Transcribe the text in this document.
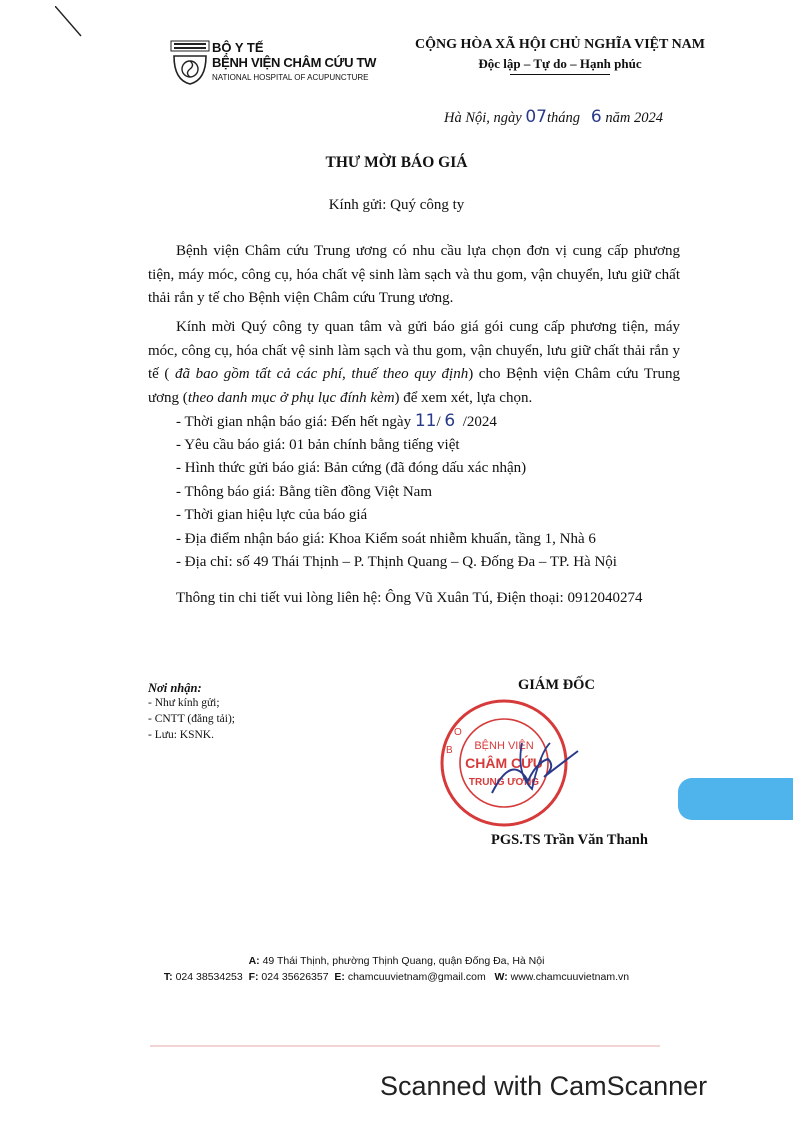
BỘ Y TẾ
BỆNH VIỆN CHÂM CỨU TW
NATIONAL HOSPITAL OF ACUPUNCTURE
CỘNG HÒA XÃ HỘI CHỦ NGHĨA VIỆT NAM
Độc lập – Tự do – Hạnh phúc
Hà Nội, ngày 07tháng 6 năm 2024
THƯ MỜI BÁO GIÁ
Kính gửi: Quý công ty
Bệnh viện Châm cứu Trung ương có nhu cầu lựa chọn đơn vị cung cấp phương tiện, máy móc, công cụ, hóa chất vệ sinh làm sạch và thu gom, vận chuyển, lưu giữ chất thải rắn y tế cho Bệnh viện Châm cứu Trung ương.
Kính mời Quý công ty quan tâm và gửi báo giá gói cung cấp phương tiện, máy móc, công cụ, hóa chất vệ sinh làm sạch và thu gom, vận chuyển, lưu giữ chất thải rắn y tế ( đã bao gồm tất cả các phí, thuế theo quy định) cho Bệnh viện Châm cứu Trung ương (theo danh mục ở phụ lục đính kèm) để xem xét, lựa chọn.
- Thời gian nhận báo giá: Đến hết ngày 11/ 6 /2024
- Yêu cầu báo giá: 01 bản chính bằng tiếng việt
- Hình thức gửi báo giá: Bản cứng (đã đóng dấu xác nhận)
- Thông báo giá: Bằng tiền đồng Việt Nam
- Thời gian hiệu lực của báo giá
- Địa điểm nhận báo giá: Khoa Kiểm soát nhiễm khuẩn, tầng 1, Nhà 6
- Địa chỉ: số 49 Thái Thịnh – P. Thịnh Quang – Q. Đống Đa – TP. Hà Nội
Thông tin chi tiết vui lòng liên hệ: Ông Vũ Xuân Tú, Điện thoại: 0912040274
Nơi nhận:
- Như kính gửi;
- CNTT (đăng tải);
- Lưu: KSNK.
GIÁM ĐỐC
BỆNH VIỆN
CHÂM CỨU
TRUNG ƯƠNG
B
O
PGS.TS Trần Văn Thanh
A: 49 Thái Thịnh, phường Thịnh Quang, quận Đống Đa, Hà Nội
T: 024 38534253 F: 024 35626357 E: chamcuuvietnam@gmail.com W: www.chamcuuvietnam.vn
Scanned with CamScanner
